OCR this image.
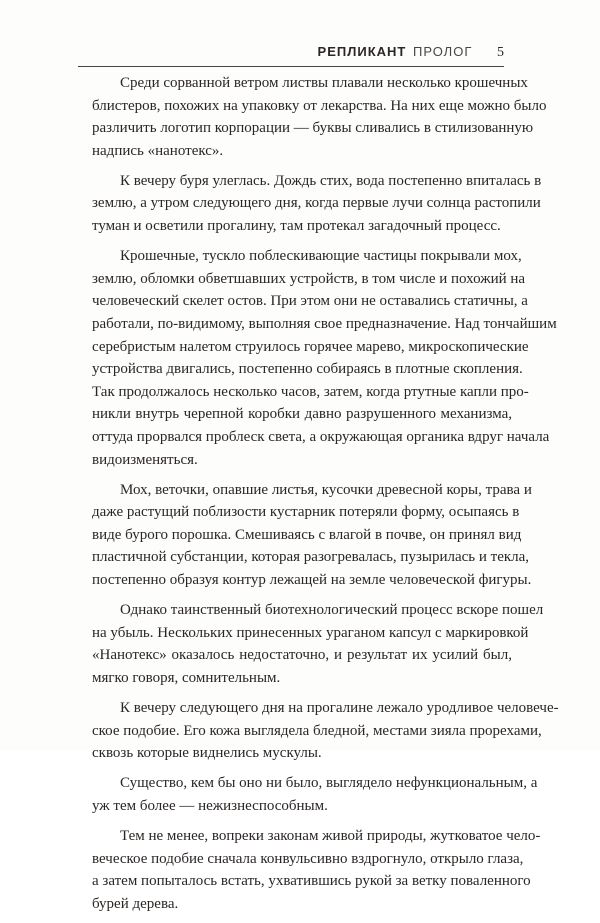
РЕПЛИКАНТ ПРОЛОГ 5

Среди сорванной ветром листвы плавали несколько крошечных
блистеров, похожих на упаковку от лекарства. На них еще можно было
различить логотип корпорации — буквы сливались в стилизованную
надпись «нанотекс».

К вечеру буря улеглась. Дождь стих, вода постепенно впиталась в
землю, а утром следующего дня, когда первые лучи солнца растопили
туман и осветили прогалину, там протекал загадочный процесс.

Крошечные, тускло поблескивающие частицы покрывали мох,
землю, обломки обветшавших устройств, в том числе и похожий на
человеческий скелет остов. При этом они не оставались статичны, а
работали, по-видимому, выполняя свое предназначение. Над тончайшим
серебристым налетом струилось горячее марево, микроскопические
устройства двигались, постепенно собираясь в плотные скопления.
Так продолжалось несколько часов, затем, когда ртутные капли про-
никли внутрь черепной коробки давно разрушенного механизма,
оттуда прорвался проблеск света, а окружающая органика вдруг начала
видоизменяться.

Мох, веточки, опавшие листья, кусочки древесной коры, трава и
даже растущий поблизости кустарник потеряли форму, осыпаясь в
виде бурого порошка. Смешиваясь с влагой в почве, он принял вид
пластичной субстанции, которая разогревалась, пузырилась и текла,
постепенно образуя контур лежащей на земле человеческой фигуры.

Однако таинственный биотехнологический процесс вскоре пошел
на убыль. Нескольких принесенных ураганом капсул с маркировкой
«Нанотекс» оказалось недостаточно, и результат их усилий был,
мягко говоря, сомнительным.

К вечеру следующего дня на прогалине лежало уродливое человече-
ское подобие. Его кожа выглядела бледной, местами зияла прорехами,
сквозь которые виднелись мускулы.

Существо, кем бы оно ни было, выглядело нефункциональным, а
уж тем более — нежизнеспособным.

Тем не менее, вопреки законам живой природы, жутковатое чело-
веческое подобие сначала конвульсивно вздрогнуло, открыло глаза,
а затем попыталось встать, ухватившись рукой за ветку поваленного
бурей дерева.
